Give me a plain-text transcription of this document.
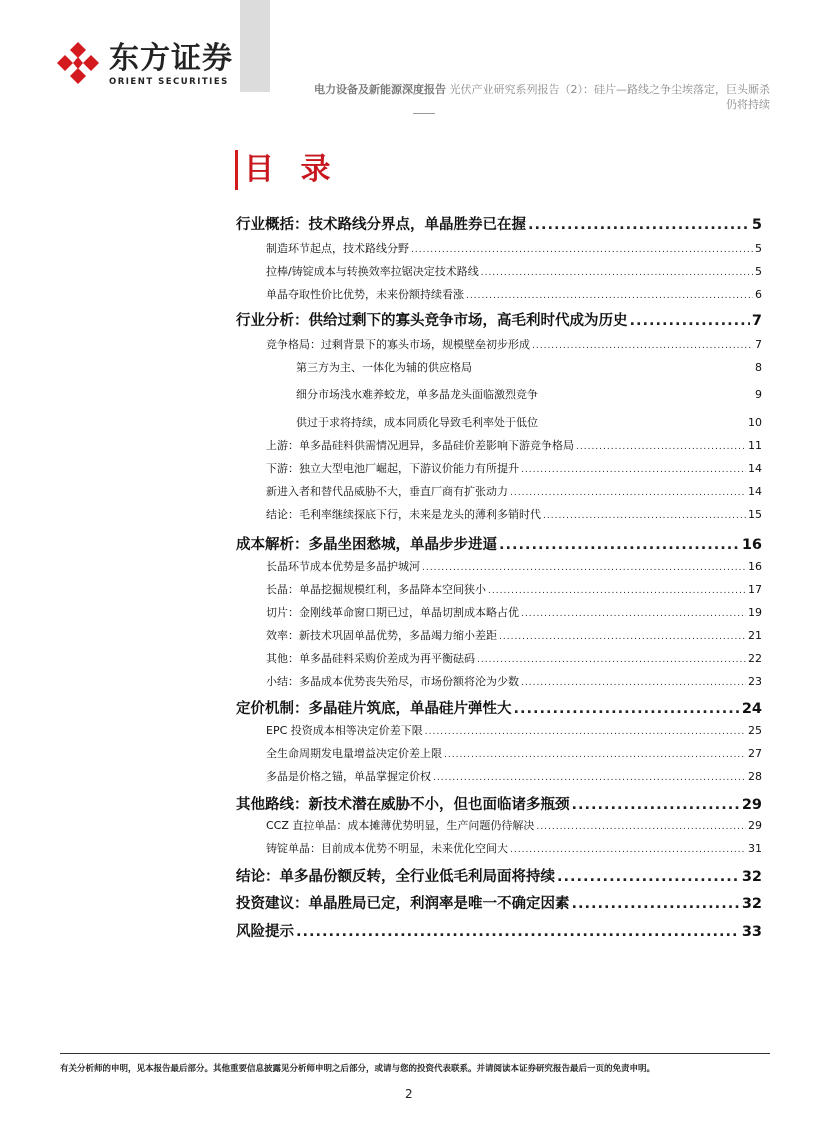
东方证券
ORIENT SECURITIES
电力设备及新能源深度报告 光伏产业研究系列报告（2）：硅片—路线之争尘埃落定，巨头厮杀
仍将持续
目 录
行业概括：技术路线分界点，单晶胜券已在握 .....	5
制造环节起点，技术路线分野 .....	5
拉棒/铸锭成本与转换效率拉锯决定技术路线 .....	5
单晶夺取性价比优势，未来份额持续看涨 .....	6
行业分析：供给过剩下的寡头竞争市场，高毛利时代成为历史 .....	7
竞争格局：过剩背景下的寡头市场，规模壁垒初步形成 .....	7
第三方为主、一体化为辅的供应格局	8
细分市场浅水难养蛟龙，单多晶龙头面临激烈竞争	9
供过于求将持续，成本同质化导致毛利率处于低位	10
上游：单多晶硅料供需情况迥异，多晶硅价差影响下游竞争格局 .....	11
下游：独立大型电池厂崛起，下游议价能力有所提升 .....	14
新进入者和替代品威胁不大，垂直厂商有扩张动力 .....	14
结论：毛利率继续探底下行，未来是龙头的薄利多销时代 .....	15
成本解析：多晶坐困愁城，单晶步步进逼 .....	16
长晶环节成本优势是多晶护城河 .....	16
长晶：单晶挖掘规模红利，多晶降本空间狭小 .....	17
切片：金刚线革命窗口期已过，单晶切割成本略占优 .....	19
效率：新技术巩固单晶优势，多晶竭力缩小差距 .....	21
其他：单多晶硅料采购价差成为再平衡砝码 .....	22
小结：多晶成本优势丧失殆尽，市场份额将沦为少数 .....	23
定价机制：多晶硅片筑底，单晶硅片弹性大 .....	24
EPC 投资成本相等决定价差下限 .....	25
全生命周期发电量增益决定价差上限 .....	27
多晶是价格之锚，单晶掌握定价权 .....	28
其他路线：新技术潜在威胁不小，但也面临诸多瓶颈 .....	29
CCZ 直拉单晶：成本摊薄优势明显，生产问题仍待解决 .....	29
铸锭单晶：目前成本优势不明显，未来优化空间大 .....	31
结论：单多晶份额反转，全行业低毛利局面将持续 .....	32
投资建议：单晶胜局已定，利润率是唯一不确定因素 .....	32
风险提示 .....	33
有关分析师的申明，见本报告最后部分。其他重要信息披露见分析师申明之后部分，或请与您的投资代表联系。并请阅读本证券研究报告最后一页的免责申明。
2
